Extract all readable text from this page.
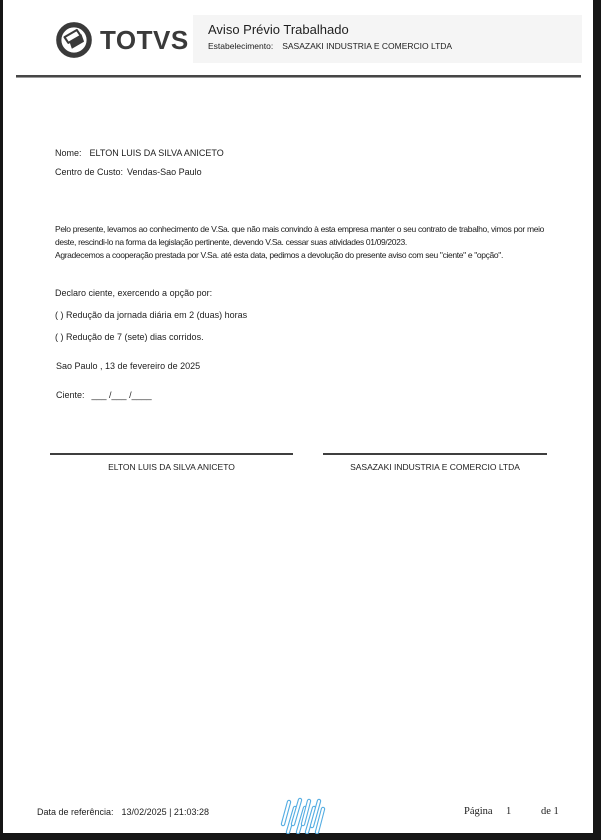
TOTVS Aviso Prévio Trabalhado
Estabelecimento: SASAZAKI INDUSTRIA E COMERCIO LTDA
Nome: ELTON LUIS DA SILVA ANICETO
Centro de Custo: Vendas-Sao Paulo

Pelo presente, levamos ao conhecimento de V.Sa. que não mais convindo à esta empresa manter o seu contrato de trabalho, vimos por meio deste, rescindi-lo na forma da legislação pertinente, devendo V.Sa. cessar suas atividades 01/09/2023.

Agradecemos a cooperação prestada por V.Sa. até esta data, pedimos a devolução do presente aviso com seu "ciente" e "opção".

Declaro ciente, exercendo a opção por:
( ) Redução da jornada diária em 2 (duas) horas
( ) Redução de 7 (sete) dias corridos.
Sao Paulo , 13 de fevereiro de 2025
Ciente: ___ /___ /____
ELTON LUIS DA SILVA ANICETO	SASAZAKI INDUSTRIA E COMERCIO LTDA
Data de referência: 13/02/2025 | 21:03:28	Página 1	de 1
